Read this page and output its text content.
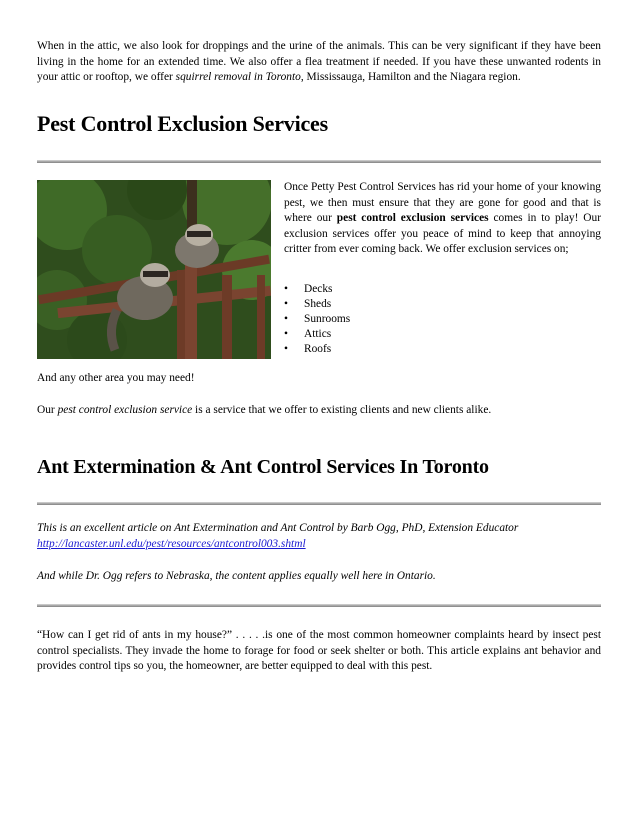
When in the attic, we also look for droppings and the urine of the animals. This can be very significant if they have been living in the home for an extended time. We also offer a flea treatment if needed. If you have these unwanted rodents in your attic or rooftop, we offer squirrel removal in Toronto, Mississauga, Hamilton and the Niagara region.

Pest Control Exclusion Services

Once Petty Pest Control Services has rid your home of your knowing pest, we then must ensure that they are gone for good and that is where our pest control exclusion services comes in to play! Our exclusion services offer you peace of mind to keep that annoying critter from ever coming back. We offer exclusion services on;

• Decks
• Sheds
• Sunrooms
• Attics
• Roofs

And any other area you may need!

Our pest control exclusion service is a service that we offer to existing clients and new clients alike.

Ant Extermination & Ant Control Services In Toronto

This is an excellent article on Ant Extermination and Ant Control by Barb Ogg, PhD, Extension Educator

http://lancaster.unl.edu/pest/resources/antcontrol003.shtml

And while Dr. Ogg refers to Nebraska, the content applies equally well here in Ontario.

“How can I get rid of ants in my house?” . . . . .is one of the most common homeowner complaints heard by insect pest control specialists. They invade the home to forage for food or seek shelter or both. This article explains ant behavior and provides control tips so you, the homeowner, are better equipped to deal with this pest.
